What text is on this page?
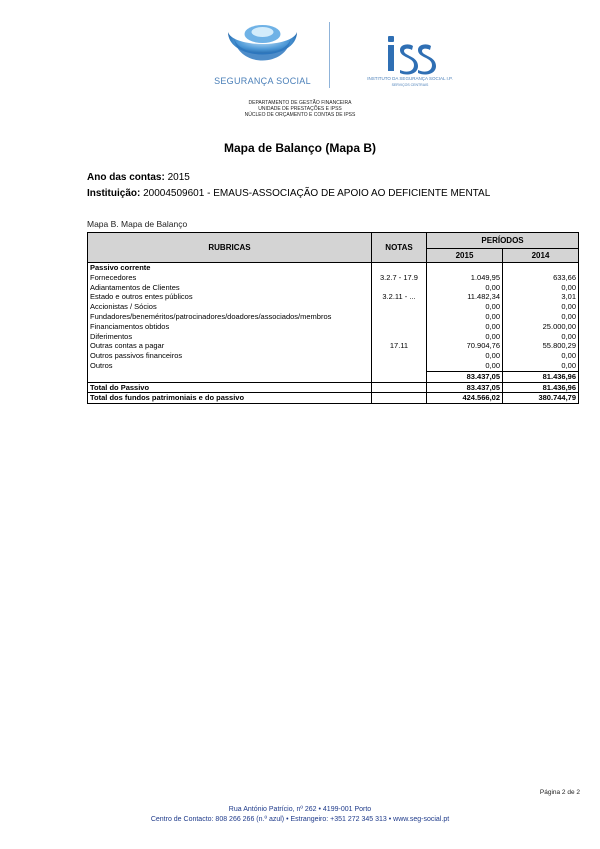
SEGURANÇA SOCIAL	INSTITUTO DA SEGURANÇA SOCIAL I.P.
SERVIÇOS CENTRAIS
DEPARTAMENTO DE GESTÃO FINANCEIRA
UNIDADE DE PRESTAÇÕES E IPSS
NÚCLEO DE ORÇAMENTO E CONTAS DE IPSS
Mapa de Balanço (Mapa B)
Ano das contas: 2015
Instituição: 20004509601 - EMAUS-ASSOCIAÇÃO DE APOIO AO DEFICIENTE MENTAL
Mapa B. Mapa de Balanço
RUBRICAS	NOTAS	PERÍODOS	
		2015	2014
Passivo corrente			
Fornecedores	3.2.7 - 17.9	1.049,95	633,66
Adiantamentos de Clientes		0,00	0,00
Estado e outros entes públicos	3.2.11 - ...	11.482,34	3,01
Accionistas / Sócios		0,00	0,00
Fundadores/beneméritos/patrocinadores/doadores/associados/membros		0,00	0,00
Financiamentos obtidos		0,00	25.000,00
Diferimentos		0,00	0,00
Outras contas a pagar	17.11	70.904,76	55.800,29
Outros passivos financeiros		0,00	0,00
Outros		0,00	0,00
		83.437,05	81.436,96
Total do Passivo		83.437,05	81.436,96
Total dos fundos patrimoniais e do passivo		424.566,02	380.744,79
Página 2 de 2
Rua António Patrício, nº 262 • 4199-001 Porto
Centro de Contacto: 808 266 266 (n.º azul) • Estrangeiro: +351 272 345 313 • www.seg-social.pt
